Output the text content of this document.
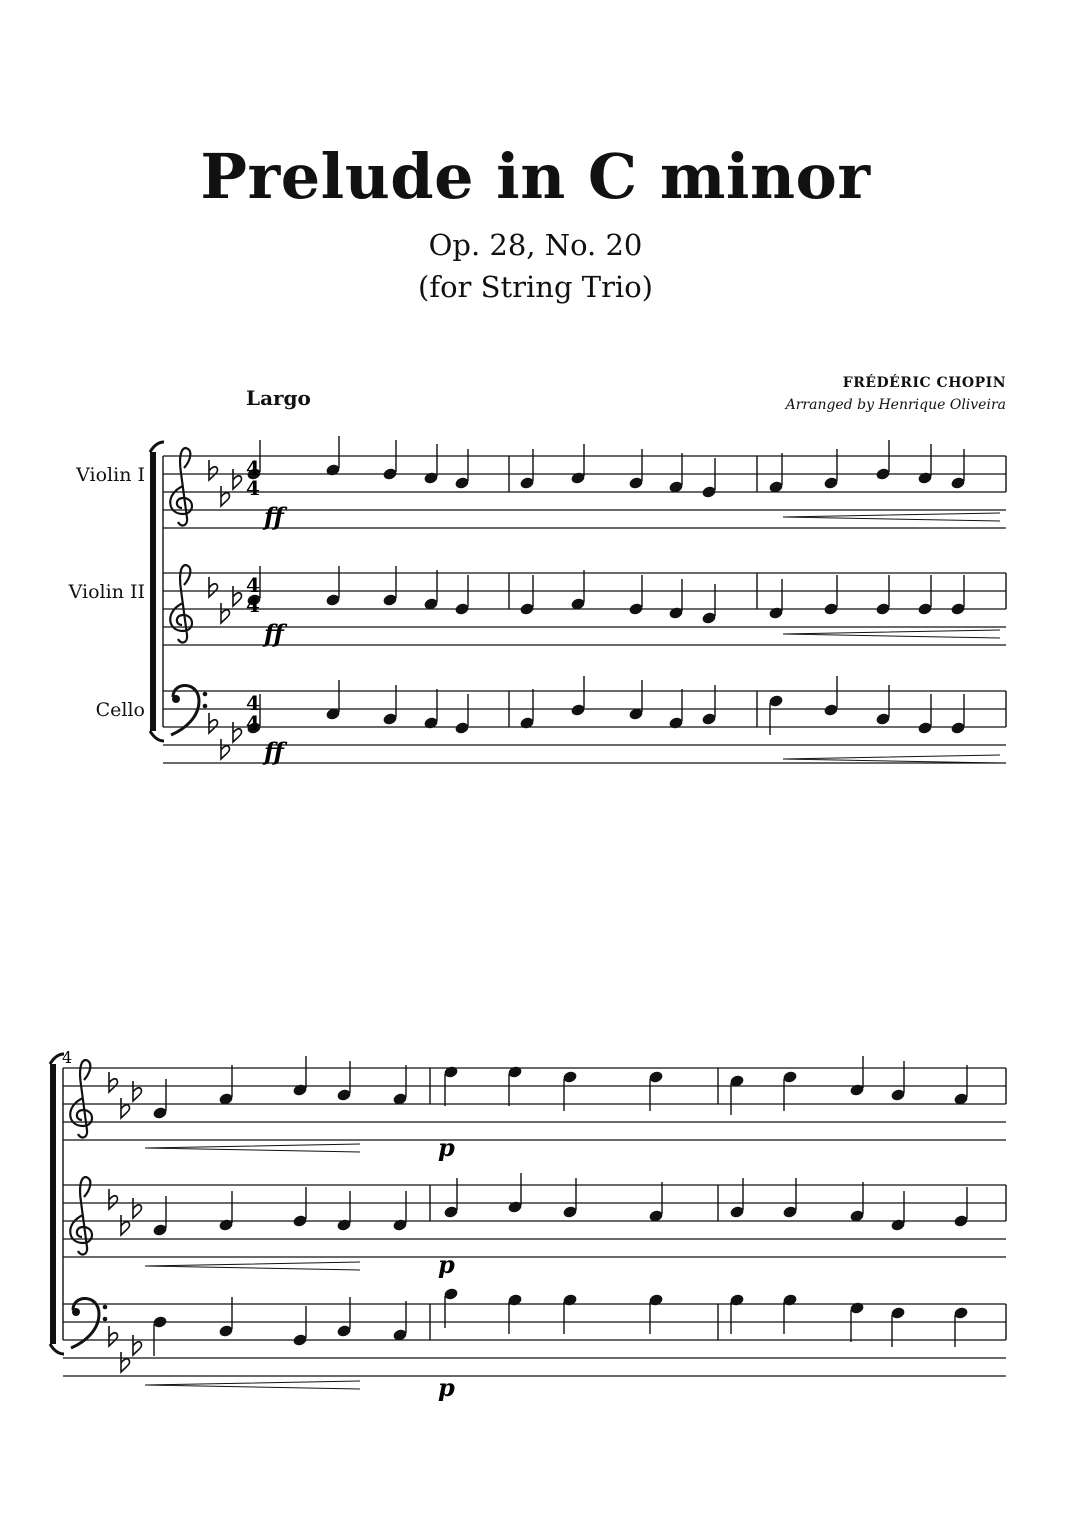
Prelude in C minor
Op. 28, No. 20
(for String Trio)
FRÉDÉRIC CHOPIN
Arranged by Henrique Oliveira
Largo
Violin I
Violin II
Cello
4
ff
ff
ff
p
p
p
4
4
4
4
4
4
